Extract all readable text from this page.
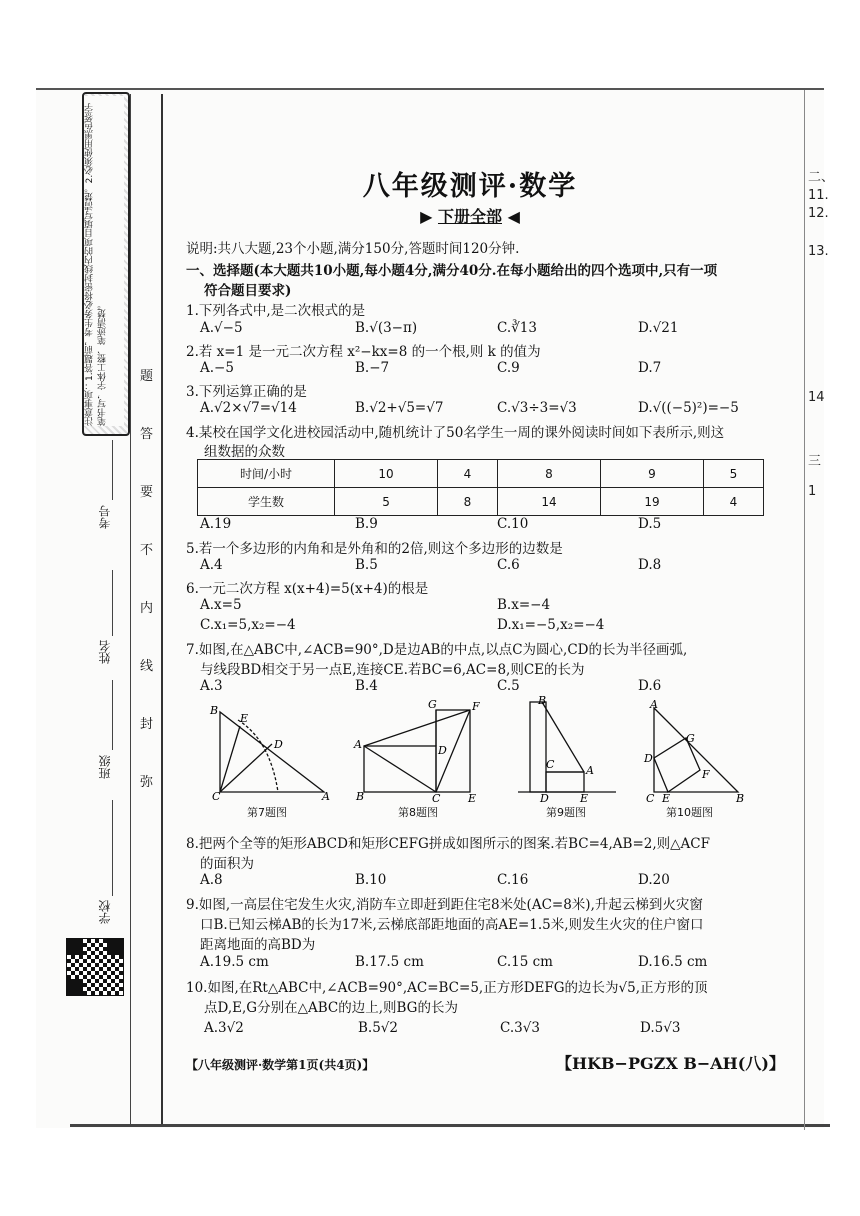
注意事项：1.答题前，考生务必将密封线内的项目填写清楚。2.必须使用黑色签字笔书写，字体工整、笔迹清楚。
考号
姓名
班级
学校
题
答
要
不
内
线
封
弥
八年级测评·数学
▶ 下册全部 ◀
说明:共八大题,23个小题,满分150分,答题时间120分钟.
一、选择题(本大题共10小题,每小题4分,满分40分.在每小题给出的四个选项中,只有一项
符合题目要求)
1.下列各式中,是二次根式的是
A.√−5	B.√(3−π)	C.∛13	D.√21
2.若 x=1 是一元二次方程 x²−kx=8 的一个根,则 k 的值为
A.−5	B.−7	C.9	D.7
3.下列运算正确的是
A.√2×√7=√14	B.√2+√5=√7	C.√3÷3=√3	D.√((−5)²)=−5
4.某校在国学文化进校园活动中,随机统计了50名学生一周的课外阅读时间如下表所示,则这
组数据的众数
时间/小时	10	4	8	9	5
学生数	5	8	14	19	4
A.19	B.9	C.10	D.5
5.若一个多边形的内角和是外角和的2倍,则这个多边形的边数是
A.4	B.5	C.6	D.8
6.一元二次方程 x(x+4)=5(x+4)的根是
A.x=5	B.x=−4
C.x₁=5,x₂=−4	D.x₁=−5,x₂=−4
7.如图,在△ABC中,∠ACB=90°,D是边AB的中点,以点C为圆心,CD的长为半径画弧,
与线段BD相交于另一点E,连接CE.若BC=6,AC=8,则CE的长为
A.3	B.4	C.5	D.6
B
E
D
C	A
第7题图
A
G	F
D
B	C	E
第8题图
B
C	A
D	E
第9题图
A
G
D
F
C E	B
第10题图
8.把两个全等的矩形ABCD和矩形CEFG拼成如图所示的图案.若BC=4,AB=2,则△ACF
的面积为
A.8	B.10	C.16	D.20
9.如图,一高层住宅发生火灾,消防车立即赶到距住宅8米处(AC=8米),升起云梯到火灾窗
口B.已知云梯AB的长为17米,云梯底部距地面的高AE=1.5米,则发生火灾的住户窗口
距离地面的高BD为
A.19.5 cm	B.17.5 cm	C.15 cm	D.16.5 cm
10.如图,在Rt△ABC中,∠ACB=90°,AC=BC=5,正方形DEFG的边长为√5,正方形的顶
点D,E,G分别在△ABC的边上,则BG的长为
A.3√2	B.5√2	C.3√3	D.5√3
【八年级测评·数学第1页(共4页)】	【HKB−PGZX B−AH(八)】
二、
11.
12.
13.
14
三
1
